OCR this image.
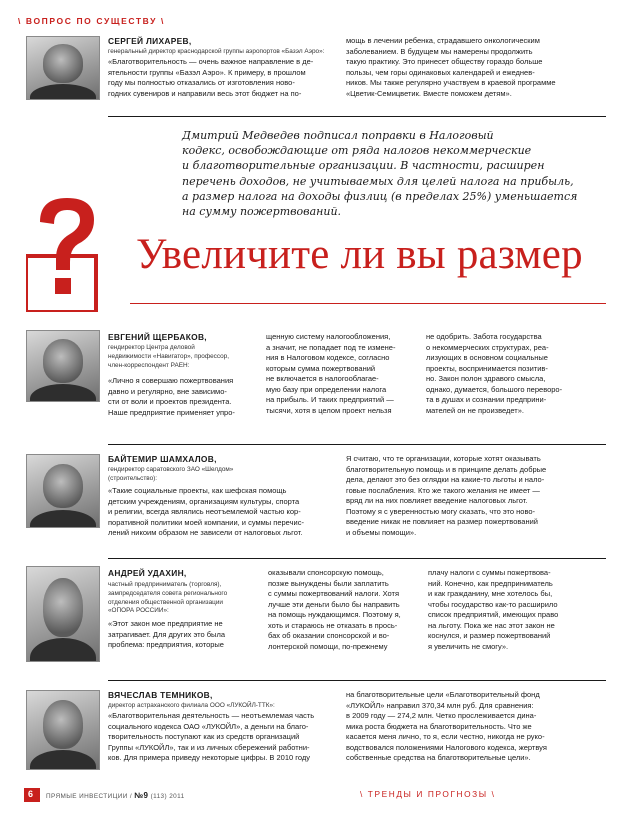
\ ВОПРОС ПО СУЩЕСТВУ \
СЕРГЕЙ ЛИХАРЕВ,
генеральный директор краснодарской группы аэропортов «Базэл Аэро»:
«Благотворительность — очень важное направление в де-
ятельности группы «Базэл Аэро». К примеру, в прошлом
году мы полностью отказались от изготовления ново-
годних сувениров и направили весь этот бюджет на по-
мощь в лечении ребенка, страдавшего онкологическим
заболеванием. В будущем мы намерены продолжить
такую практику. Это принесет обществу гораздо больше
пользы, чем горы одинаковых календарей и ежеднев-
ников. Мы также регулярно участвуем в краевой программе
«Цветик-Семицветик. Вместе поможем детям».
Дмитрий Медведев подписал поправки в Налоговый
кодекс, освобождающие от ряда налогов некоммерческие
и благотворительные организации. В частности, расширен
перечень доходов, не учитываемых для целей налога на прибыль,
а размер налога на доходы физлиц (в пределах 25%) уменьшается
на сумму пожертвований.
Увеличите ли вы размер
ЕВГЕНИЙ ЩЕРБАКОВ,
гендиректор Центра деловой
недвижимости «Навигатор», профессор,
член-корреспондент РАЕН:
«Лично я совершаю пожертвования
давно и регулярно, вне зависимо-
сти от воли и проектов президента.
Наше предприятие применяет упро-
щенную систему налогообложения,
а значит, не попадает под те измене-
ния в Налоговом кодексе, согласно
которым сумма пожертвований
не включается в налогооблагае-
мую базу при определении налога
на прибыль. И таких предприятий —
тысячи, хотя в целом проект нельзя
не одобрить. Забота государства
о некоммерческих структурах, реа-
лизующих в основном социальные
проекты, воспринимается позитив-
но. Закон полон здравого смысла,
однако, думается, большого переворо-
та в душах и сознании предприни-
мателей он не произведет».
БАЙТЕМИР ШАМХАЛОВ,
гендиректор саратовского ЗАО «Шелдом»
(строительство):
«Такие социальные проекты, как шефская помощь
детским учреждениям, организациям культуры, спорта
и религии, всегда являлись неотъемлемой частью кор-
поративной политики моей компании, и суммы перечис-
лений никоим образом не зависели от налоговых льгот.
Я считаю, что те организации, которые хотят оказывать
благотворительную помощь и в принципе делать добрые
дела, делают это без оглядки на какие-то льготы и нало-
говые послабления. Кто же такого желания не имеет —
вряд ли на них повлияет введение налоговых льгот.
Поэтому я с уверенностью могу сказать, что это ново-
введение никак не повлияет на размер пожертвований
и объемы помощи».
АНДРЕЙ УДАХИН,
частный предприниматель (торговля),
зампредседателя совета регионального
отделения общественной организации
«ОПОРА РОССИИ»:
«Этот закон мое предприятие не
затрагивает. Для других это была
проблема: предприятия, которые
оказывали спонсорскую помощь,
позже вынуждены были заплатить
с суммы пожертвований налоги. Хотя
лучше эти деньги было бы направить
на помощь нуждающимся. Поэтому я,
хоть и стараюсь не отказать в прось-
бах об оказании спонсорской и во-
лонтерской помощи, по-прежнему
плачу налоги с суммы пожертвова-
ний. Конечно, как предприниматель
и как гражданину, мне хотелось бы,
чтобы государство как-то расширило
список предприятий, имеющих право
на льготу. Пока же нас этот закон не
коснулся, и размер пожертвований
я увеличить не смогу».
ВЯЧЕСЛАВ ТЕМНИКОВ,
директор астраханского филиала ООО «ЛУКОЙЛ-ТТК»:
«Благотворительная деятельность — неотъемлемая часть
социального кодекса ОАО «ЛУКОЙЛ», а деньги на благо-
творительность поступают как из средств организаций
Группы «ЛУКОЙЛ», так и из личных сбережений работни-
ков. Для примера приведу некоторые цифры. В 2010 году
на благотворительные цели «Благотворительный фонд
«ЛУКОЙЛ» направил 370,34 млн руб. Для сравнения:
в 2009 году — 274,2 млн. Четко прослеживается дина-
мика роста бюджета на благотворительность. Что же
касается меня лично, то я, если честно, никогда не руко-
водствовался положениями Налогового кодекса, жертвуя
собственные средства на благотворительные цели».
6 ПРЯМЫЕ ИНВЕСТИЦИИ / №9 (113) 2011	\ ТРЕНДЫ И ПРОГНОЗЫ \
